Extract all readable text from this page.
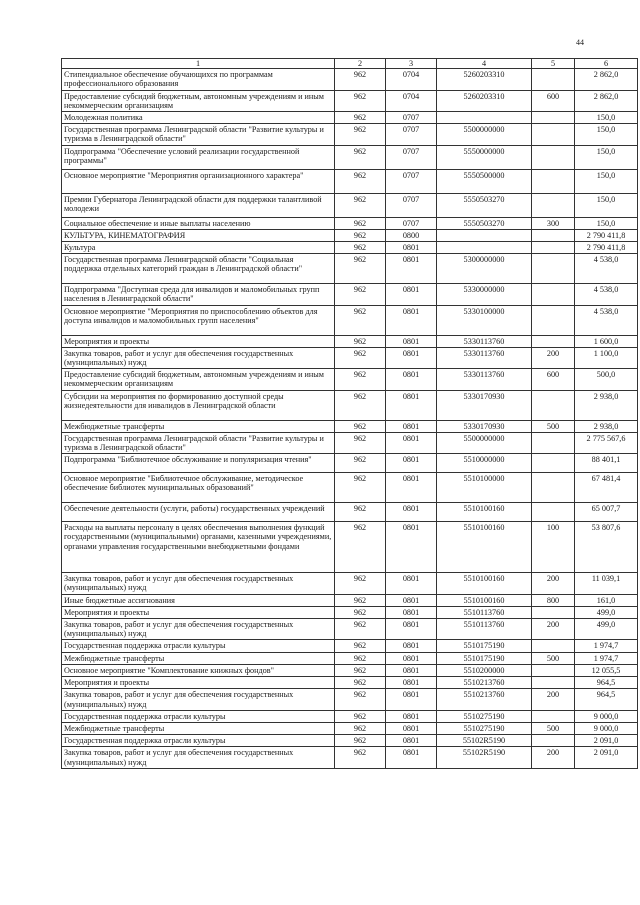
44
1	2	3	4	5	6
Стипендиальное обеспечение обучающихся по программам профессионального образования	962	0704	5260203310		2 862,0
Предоставление субсидий бюджетным, автономным учреждениям и иным некоммерческим организациям	962	0704	5260203310	600	2 862,0
Молодежная политика	962	0707			150,0
Государственная программа Ленинградской области "Развитие культуры и туризма в Ленинградской области"	962	0707	5500000000		150,0
Подпрограмма "Обеспечение условий реализации государственной программы"	962	0707	5550000000		150,0
Основное мероприятие "Мероприятия организационного характера"	962	0707	5550500000		150,0
Премии Губернатора Ленинградской области для поддержки талантливой молодежи	962	0707	5550503270		150,0
Социальное обеспечение и иные выплаты населению	962	0707	5550503270	300	150,0
КУЛЬТУРА, КИНЕМАТОГРАФИЯ	962	0800			2 790 411,8
Культура	962	0801			2 790 411,8
Государственная программа Ленинградской области "Социальная поддержка отдельных категорий граждан в Ленинградской области"	962	0801	5300000000		4 538,0
Подпрограмма "Доступная среда для инвалидов и маломобильных групп населения в Ленинградской области"	962	0801	5330000000		4 538,0
Основное мероприятие "Мероприятия по приспособлению объектов для доступа инвалидов и маломобильных групп населения"	962	0801	5330100000		4 538,0
Мероприятия и проекты	962	0801	5330113760		1 600,0
Закупка товаров, работ и услуг для обеспечения государственных (муниципальных) нужд	962	0801	5330113760	200	1 100,0
Предоставление субсидий бюджетным, автономным учреждениям и иным некоммерческим организациям	962	0801	5330113760	600	500,0
Субсидии на мероприятия по формированию доступной среды жизнедеятельности для инвалидов в Ленинградской области	962	0801	5330170930		2 938,0
Межбюджетные трансферты	962	0801	5330170930	500	2 938,0
Государственная программа Ленинградской области "Развитие культуры и туризма в Ленинградской области"	962	0801	5500000000		2 775 567,6
Подпрограмма "Библиотечное обслуживание и популяризация чтения"	962	0801	5510000000		88 401,1
Основное мероприятие "Библиотечное обслуживание, методическое обеспечение библиотек муниципальных образований"	962	0801	5510100000		67 481,4
Обеспечение деятельности (услуги, работы) государственных учреждений	962	0801	5510100160		65 007,7
Расходы на выплаты персоналу в целях обеспечения выполнения функций государственными (муниципальными) органами, казенными учреждениями, органами управления государственными внебюджетными фондами	962	0801	5510100160	100	53 807,6
Закупка товаров, работ и услуг для обеспечения государственных (муниципальных) нужд	962	0801	5510100160	200	11 039,1
Иные бюджетные ассигнования	962	0801	5510100160	800	161,0
Мероприятия и проекты	962	0801	5510113760		499,0
Закупка товаров, работ и услуг для обеспечения государственных (муниципальных) нужд	962	0801	5510113760	200	499,0
Государственная поддержка отрасли культуры	962	0801	5510175190		1 974,7
Межбюджетные трансферты	962	0801	5510175190	500	1 974,7
Основное мероприятие "Комплектование книжных фондов"	962	0801	5510200000		12 055,5
Мероприятия и проекты	962	0801	5510213760		964,5
Закупка товаров, работ и услуг для обеспечения государственных (муниципальных) нужд	962	0801	5510213760	200	964,5
Государственная поддержка отрасли культуры	962	0801	5510275190		9 000,0
Межбюджетные трансферты	962	0801	5510275190	500	9 000,0
Государственная поддержка отрасли культуры	962	0801	55102R5190		2 091,0
Закупка товаров, работ и услуг для обеспечения государственных (муниципальных) нужд	962	0801	55102R5190	200	2 091,0
